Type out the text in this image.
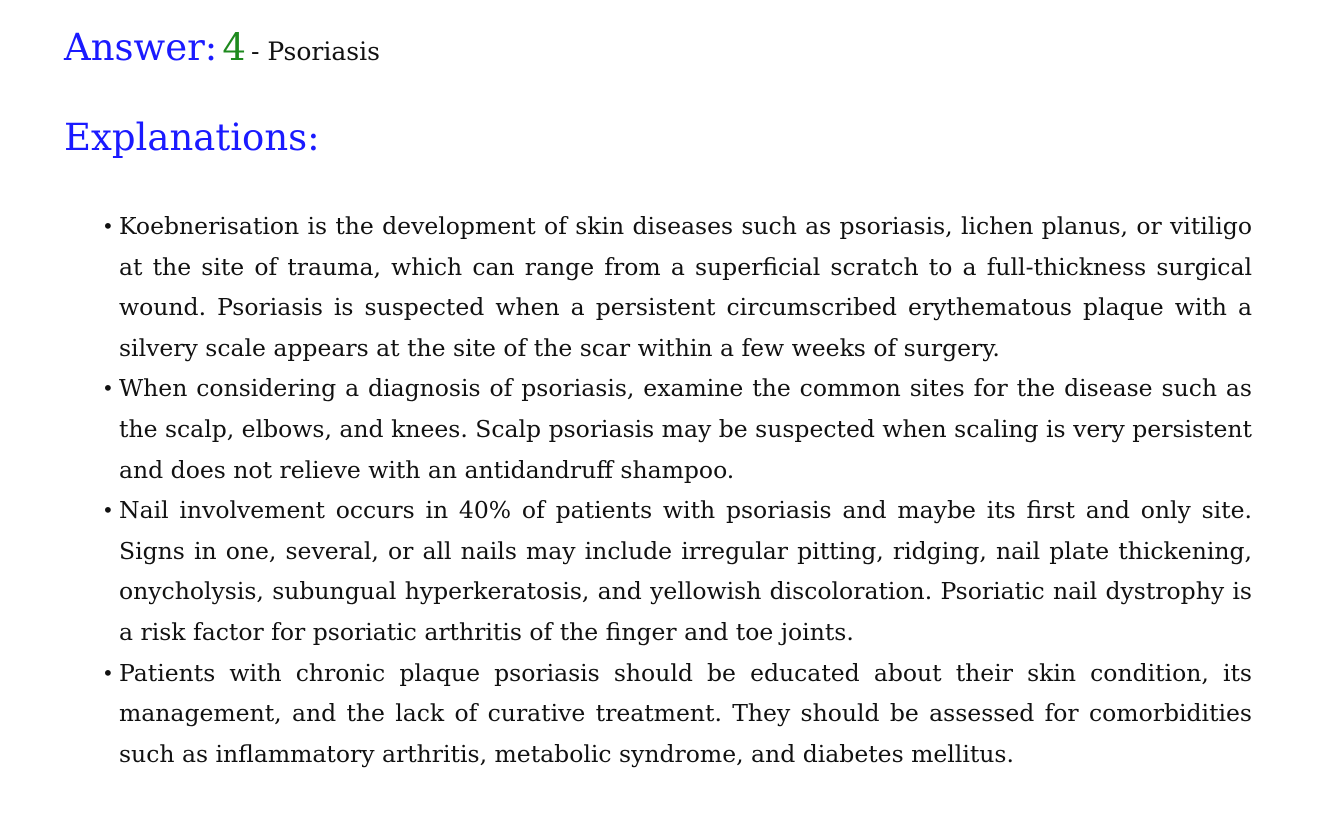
Answer: 4 - Psoriasis
Explanations:
• Koebnerisation is the development of skin diseases such as psoriasis, lichen planus, or vitiligo at the site of trauma, which can range from a superficial scratch to a full-thickness surgical wound. Psoriasis is suspected when a persistent circumscribed erythematous plaque with a silvery scale appears at the site of the scar within a few weeks of surgery.
• When considering a diagnosis of psoriasis, examine the common sites for the disease such as the scalp, elbows, and knees. Scalp psoriasis may be suspected when scaling is very persistent and does not relieve with an antidandruff shampoo.
• Nail involvement occurs in 40% of patients with psoriasis and maybe its first and only site. Signs in one, several, or all nails may include irregular pitting, ridging, nail plate thickening, onycholysis, subungual hyperkeratosis, and yellowish discoloration. Psoriatic nail dystrophy is a risk factor for psoriatic arthritis of the finger and toe joints.
• Patients with chronic plaque psoriasis should be educated about their skin condition, its management, and the lack of curative treatment. They should be assessed for comorbidities such as inflammatory arthritis, metabolic syndrome, and diabetes mellitus.
